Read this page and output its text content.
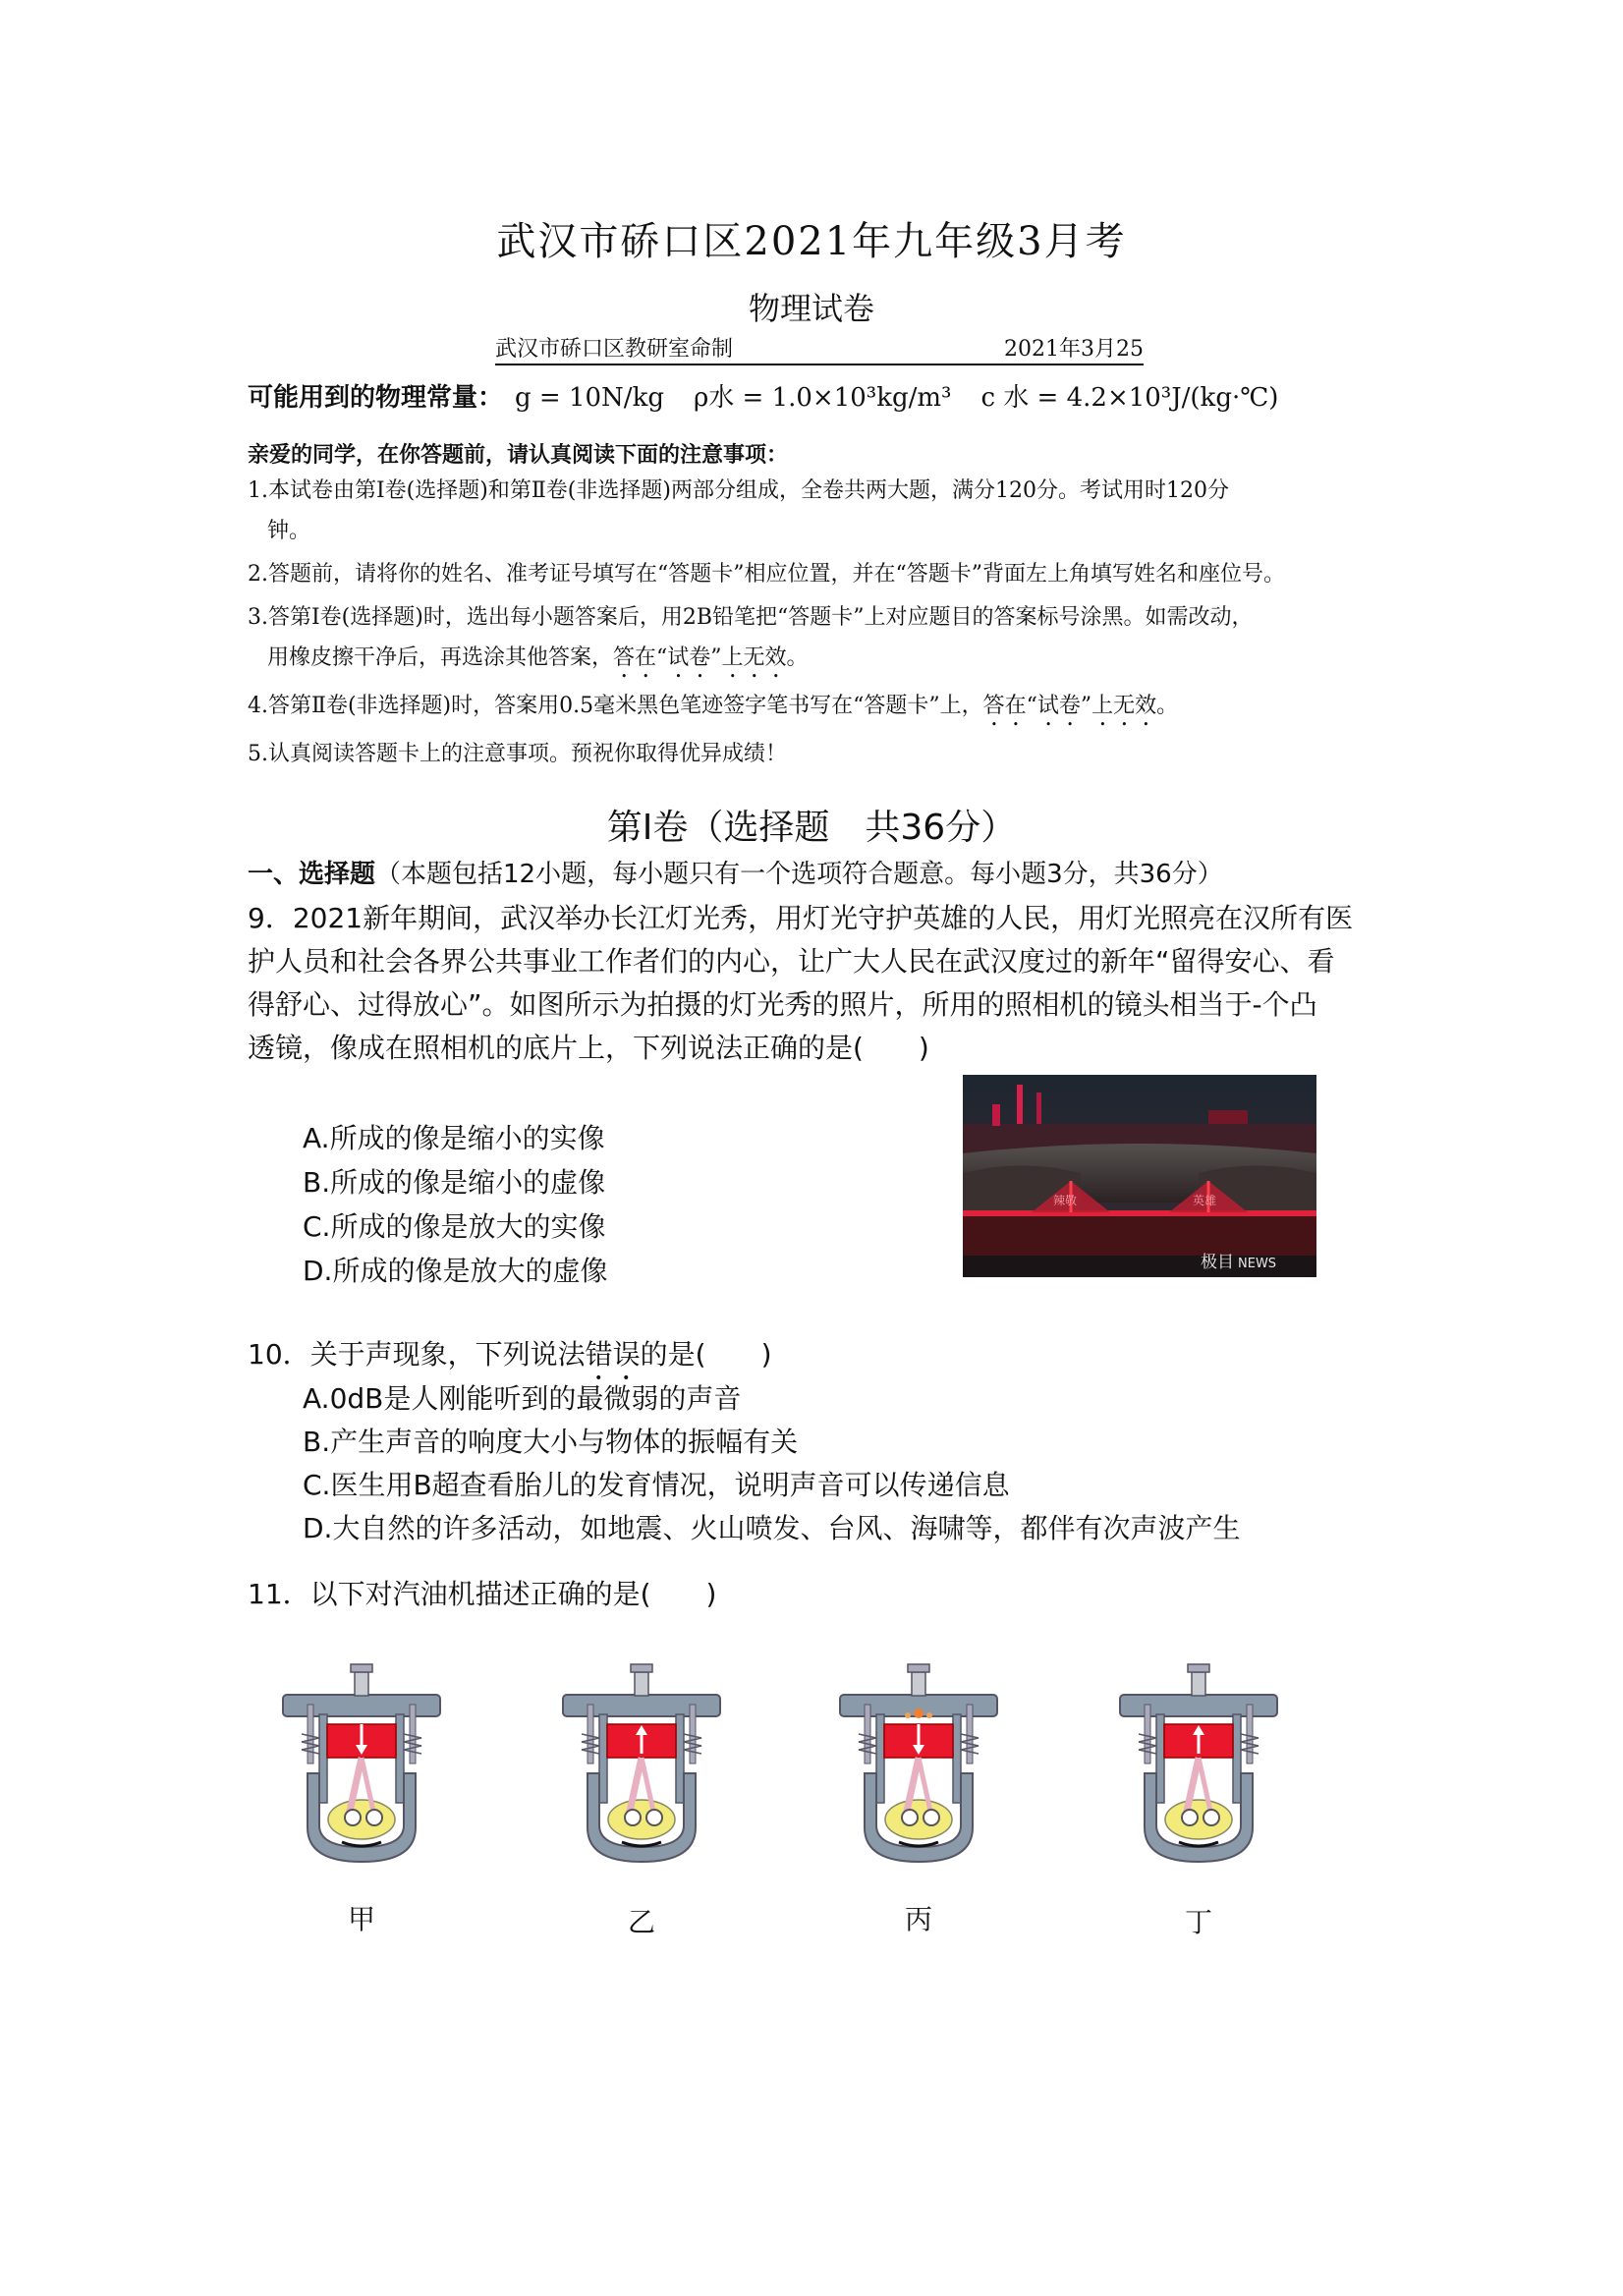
武汉市硚口区2021年九年级3月考
物理试卷
武汉市硚口区教研室命制	2021年3月25
可能用到的物理常量： g = 10N/kg ρ水 = 1.0×10³kg/m³ c 水 = 4.2×10³J/(kg·℃)
亲爱的同学，在你答题前，请认真阅读下面的注意事项：
1.本试卷由第Ⅰ卷(选择题)和第Ⅱ卷(非选择题)两部分组成，全卷共两大题，满分120分。考试用时120分
钟。
2.答题前，请将你的姓名、准考证号填写在“答题卡”相应位置，并在“答题卡”背面左上角填写姓名和座位号。
3.答第Ⅰ卷(选择题)时，选出每小题答案后，用2B铅笔把“答题卡”上对应题目的答案标号涂黑。如需改动，
用橡皮擦干净后，再选涂其他答案，答在“试卷”上无效。
4.答第Ⅱ卷(非选择题)时，答案用0.5毫米黑色笔迹签字笔书写在“答题卡”上，答在“试卷”上无效。
5.认真阅读答题卡上的注意事项。预祝你取得优异成绩！
第Ⅰ卷（选择题　共36分）
一、选择题（本题包括12小题，每小题只有一个选项符合题意。每小题3分，共36分）
9．2021新年期间，武汉举办长江灯光秀，用灯光守护英雄的人民，用灯光照亮在汉所有医
护人员和社会各界公共事业工作者们的内心，让广大人民在武汉度过的新年“留得安心、看
得舒心、过得放心”。如图所示为拍摄的灯光秀的照片，所用的照相机的镜头相当于-个凸
透镜，像成在照相机的底片上，下列说法正确的是(　　)
A.所成的像是缩小的实像
B.所成的像是缩小的虚像
C.所成的像是放大的实像
D.所成的像是放大的虚像
辣敬	英雄
极目 NEWS
10．关于声现象，下列说法错误的是(　　)
A.0dB是人刚能听到的最微弱的声音
B.产生声音的响度大小与物体的振幅有关
C.医生用B超查看胎儿的发育情况，说明声音可以传递信息
D.大自然的许多活动，如地震、火山喷发、台风、海啸等，都伴有次声波产生
11．以下对汽油机描述正确的是(　　)
甲	乙	丙	丁
